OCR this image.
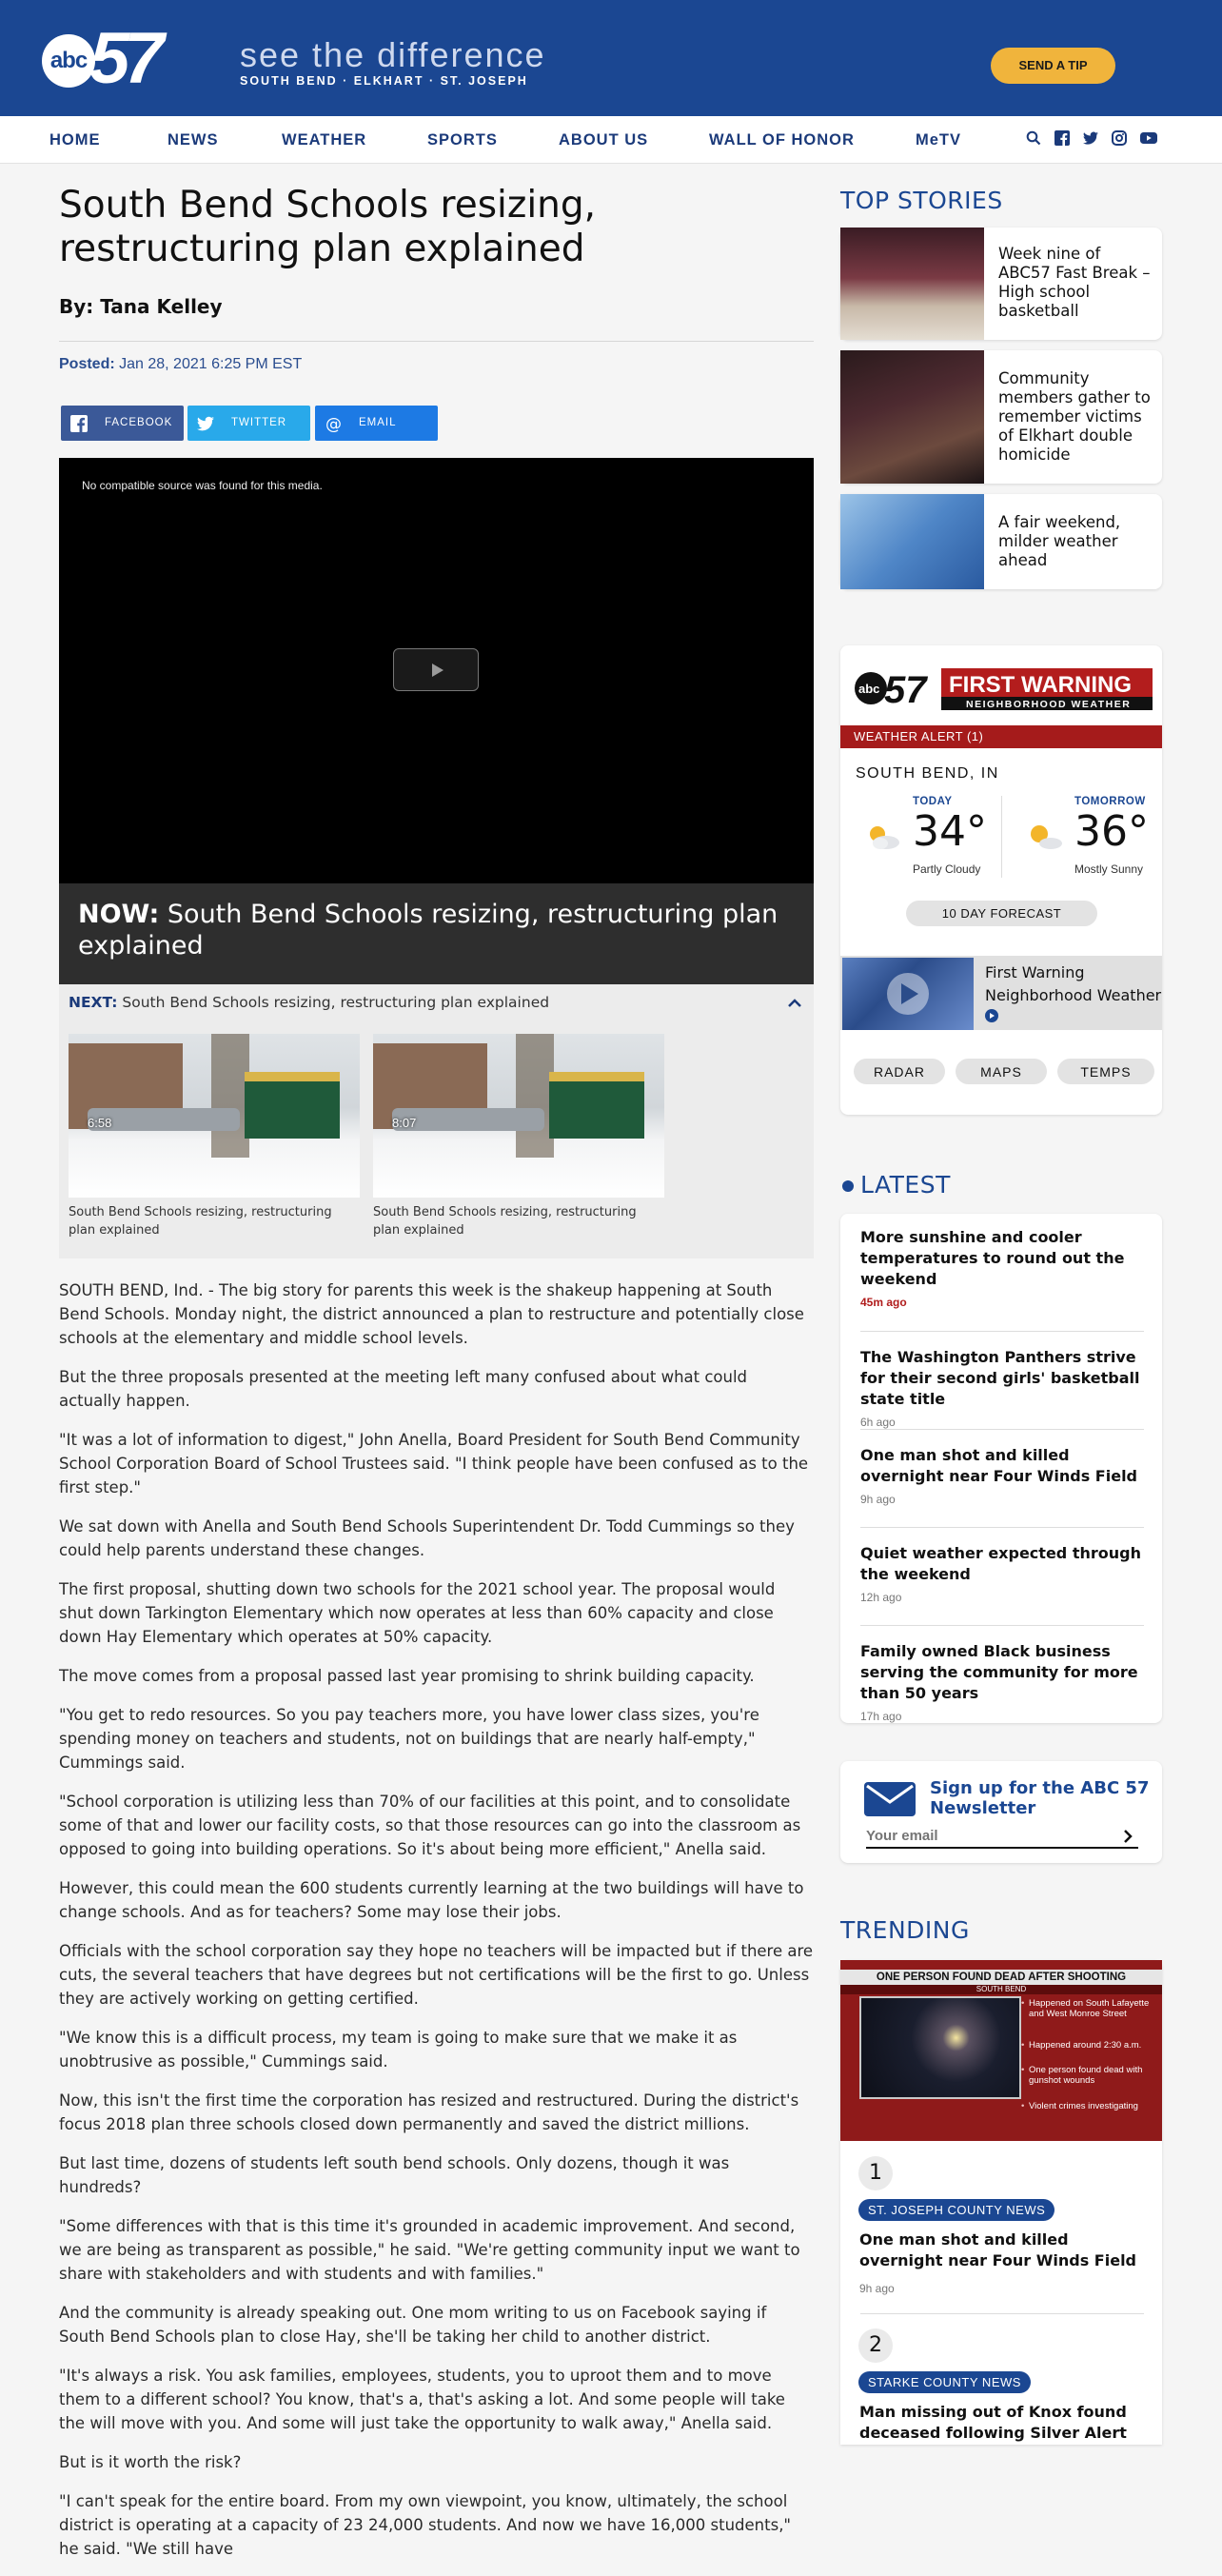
abc 57 see the difference
SOUTH BEND · ELKHART · ST. JOSEPH
SEND A TIP
HOME	NEWS	WEATHER	SPORTS	ABOUT US	WALL OF HONOR	MeTV
South Bend Schools resizing, restructuring plan explained
By: Tana Kelley
Posted: Jan 28, 2021 6:25 PM EST
FACEBOOK	TWITTER @ EMAIL
No compatible source was found for this media.
NOW: South Bend Schools resizing, restructuring plan explained
NEXT: South Bend Schools resizing, restructuring plan explained
6:58
South Bend Schools resizing, restructuring plan explained
8:07
South Bend Schools resizing, restructuring plan explained

SOUTH BEND, Ind. - The big story for parents this week is the shakeup happening at South Bend Schools. Monday night, the district announced a plan to restructure and potentially close schools at the elementary and middle school levels.

But the three proposals presented at the meeting left many confused about what could actually happen.

"It was a lot of information to digest," John Anella, Board President for South Bend Community School Corporation Board of School Trustees said. "I think people have been confused as to the first step."

We sat down with Anella and South Bend Schools Superintendent Dr. Todd Cummings so they could help parents understand these changes.

The first proposal, shutting down two schools for the 2021 school year. The proposal would shut down Tarkington Elementary which now operates at less than 60% capacity and close down Hay Elementary which operates at 50% capacity.

The move comes from a proposal passed last year promising to shrink building capacity.

"You get to redo resources. So you pay teachers more, you have lower class sizes, you're spending money on teachers and students, not on buildings that are nearly half-empty," Cummings said.

"School corporation is utilizing less than 70% of our facilities at this point, and to consolidate some of that and lower our facility costs, so that those resources can go into the classroom as opposed to going into building operations. So it's about being more efficient," Anella said.

However, this could mean the 600 students currently learning at the two buildings will have to change schools. And as for teachers? Some may lose their jobs.

Officials with the school corporation say they hope no teachers will be impacted but if there are cuts, the several teachers that have degrees but not certifications will be the first to go. Unless they are actively working on getting certified.

"We know this is a difficult process, my team is going to make sure that we make it as unobtrusive as possible," Cummings said.

Now, this isn't the first time the corporation has resized and restructured. During the district's focus 2018 plan three schools closed down permanently and saved the district millions.

But last time, dozens of students left south bend schools. Only dozens, though it was hundreds?

"Some differences with that is this time it's grounded in academic improvement. And second, we are being as transparent as possible," he said. "We're getting community input we want to share with stakeholders and with students and with families."

And the community is already speaking out. One mom writing to us on Facebook saying if South Bend Schools plan to close Hay, she'll be taking her child to another district.

"It's always a risk. You ask families, employees, students, you to uproot them and to move them to a different school? You know, that's a, that's asking a lot. And some people will take the will move with you. And some will just take the opportunity to walk away," Anella said.

But is it worth the risk?

"I can't speak for the entire board. From my own viewpoint, you know, ultimately, the school district is operating at a capacity of 23 24,000 students. And now we have 16,000 students," he said. "We still have

TOP STORIES
Week nine of ABC57 Fast Break – High school basketball
Community members gather to remember victims of Elkhart double homicide
A fair weekend, milder weather ahead
abc 57 FIRST WARNING
NEIGHBORHOOD WEATHER
WEATHER ALERT (1)
SOUTH BEND, IN
TODAY
34°
Partly Cloudy
TOMORROW
36°
Mostly Sunny
10 DAY FORECAST
First Warning Neighborhood Weather
RADAR	MAPS	TEMPS
LATEST
More sunshine and cooler temperatures to round out the weekend
45m ago
The Washington Panthers strive for their second girls' basketball state title
6h ago
One man shot and killed overnight near Four Winds Field
9h ago
Quiet weather expected through the weekend
12h ago
Family owned Black business serving the community for more than 50 years
17h ago
Sign up for the ABC 57 Newsletter
Your email
TRENDING
ONE PERSON FOUND DEAD AFTER SHOOTING
SOUTH BEND
• Happened on South Lafayette and West Monroe Street
• Happened around 2:30 a.m.
• One person found dead with gunshot wounds
• Violent crimes investigating
1
ST. JOSEPH COUNTY NEWS
One man shot and killed overnight near Four Winds Field
9h ago
2
STARKE COUNTY NEWS
Man missing out of Knox found deceased following Silver Alert
